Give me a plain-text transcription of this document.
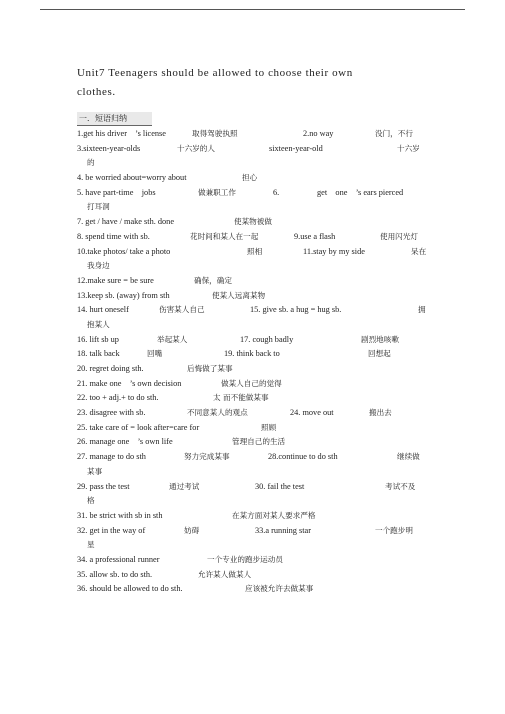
Unit7 Teenagers should be allowed to choose their own
clothes.
一．短语归纳
1.get his driver　’s license	取得驾驶执照	2.no way	没门，不行
3.sixteen-year-olds	十六岁的人	sixteen-year-old	十六岁
的
4. be worried about=worry about	担心
5. have part-time　jobs	做兼职工作	6.	get　one　’s ears pierced
打耳洞
7. get / have / make sth. done	使某物被做
8. spend time with sb.	花时间和某人在一起	9.use a flash	使用闪光灯
10.take photos/ take a photo	照相	11.stay by my side	呆在
我身边
12.make sure = be sure	确保，确定
13.keep sb. (away) from sth	使某人远离某物
14. hurt oneself	伤害某人自己	15. give sb. a hug = hug sb.	拥
抱某人
16. lift sb up	举起某人	17. cough badly	剧烈地咳嗽
18. talk back	回嘴	19. think back to	回想起
20. regret doing sth.	后悔做了某事
21. make one　’s own decision	做某人自己的觉得
22. too + adj.+ to do sth.	太 而不能做某事
23. disagree with sb.	不同意某人的观点	24. move out	搬出去
25. take care of = look after=care for	照顾
26. manage one　’s own life	管理自己的生活
27. manage to do sth	努力完成某事	28.continue to do sth	继续做
某事
29. pass the test	通过考试	30. fail the test	考试不及
格
31. be strict with sb in sth	在某方面对某人要求严格
32. get in the way of	妨碍	33.a running star	一个跑步明
星
34. a professional runner	一个专业的跑步运动员
35. allow sb. to do sth.	允许某人做某人
36. should be allowed to do sth.	应该被允许去做某事
